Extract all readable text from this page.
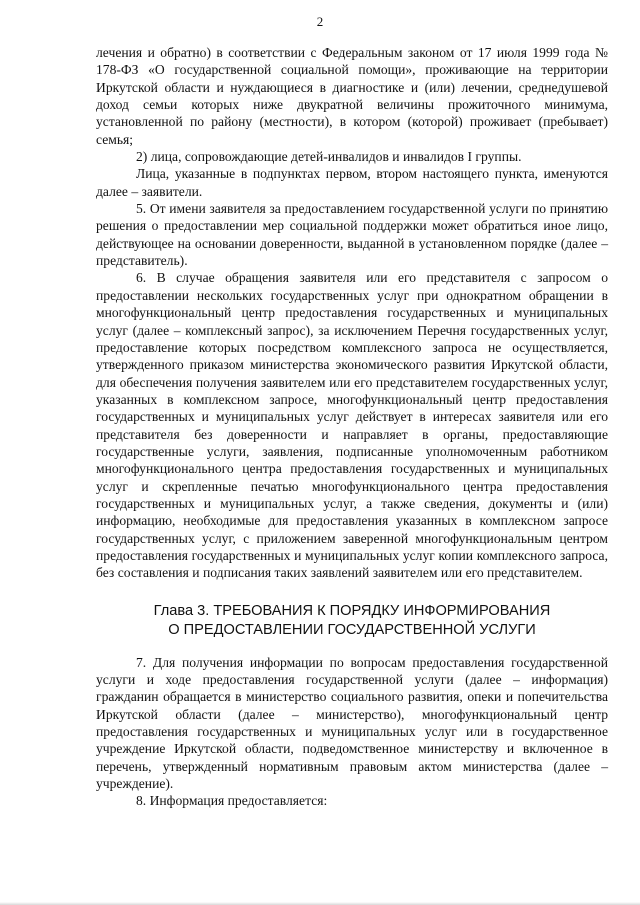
2

лечения и обратно) в соответствии с Федеральным законом от 17 июля 1999 года № 178-ФЗ «О государственной социальной помощи», проживающие на территории Иркутской области и нуждающиеся в диагностике и (или) лечении, среднедушевой доход семьи которых ниже двукратной величины прожиточного минимума, установленной по району (местности), в котором (которой) проживает (пребывает) семья;

2) лица, сопровождающие детей-инвалидов и инвалидов I группы.

Лица, указанные в подпунктах первом, втором настоящего пункта, именуются далее – заявители.

5. От имени заявителя за предоставлением государственной услуги по принятию решения о предоставлении мер социальной поддержки может обратиться иное лицо, действующее на основании доверенности, выданной в установленном порядке (далее – представитель).

6. В случае обращения заявителя или его представителя с запросом о предоставлении нескольких государственных услуг при однократном обращении в многофункциональный центр предоставления государственных и муниципальных услуг (далее – комплексный запрос), за исключением Перечня государственных услуг, предоставление которых посредством комплексного запроса не осуществляется, утвержденного приказом министерства экономического развития Иркутской области, для обеспечения получения заявителем или его представителем государственных услуг, указанных в комплексном запросе, многофункциональный центр предоставления государственных и муниципальных услуг действует в интересах заявителя или его представителя без доверенности и направляет в органы, предоставляющие государственные услуги, заявления, подписанные уполномоченным работником многофункционального центра предоставления государственных и муниципальных услуг и скрепленные печатью многофункционального центра предоставления государственных и муниципальных услуг, а также сведения, документы и (или) информацию, необходимые для предоставления указанных в комплексном запросе государственных услуг, с приложением заверенной многофункциональным центром предоставления государственных и муниципальных услуг копии комплексного запроса, без составления и подписания таких заявлений заявителем или его представителем.

Глава 3. ТРЕБОВАНИЯ К ПОРЯДКУ ИНФОРМИРОВАНИЯ
О ПРЕДОСТАВЛЕНИИ ГОСУДАРСТВЕННОЙ УСЛУГИ

7. Для получения информации по вопросам предоставления государственной услуги и ходе предоставления государственной услуги (далее – информация) гражданин обращается в министерство социального развития, опеки и попечительства Иркутской области (далее – министерство), многофункциональный центр предоставления государственных и муниципальных услуг или в государственное учреждение Иркутской области, подведомственное министерству и включенное в перечень, утвержденный нормативным правовым актом министерства (далее – учреждение).

8. Информация предоставляется:
